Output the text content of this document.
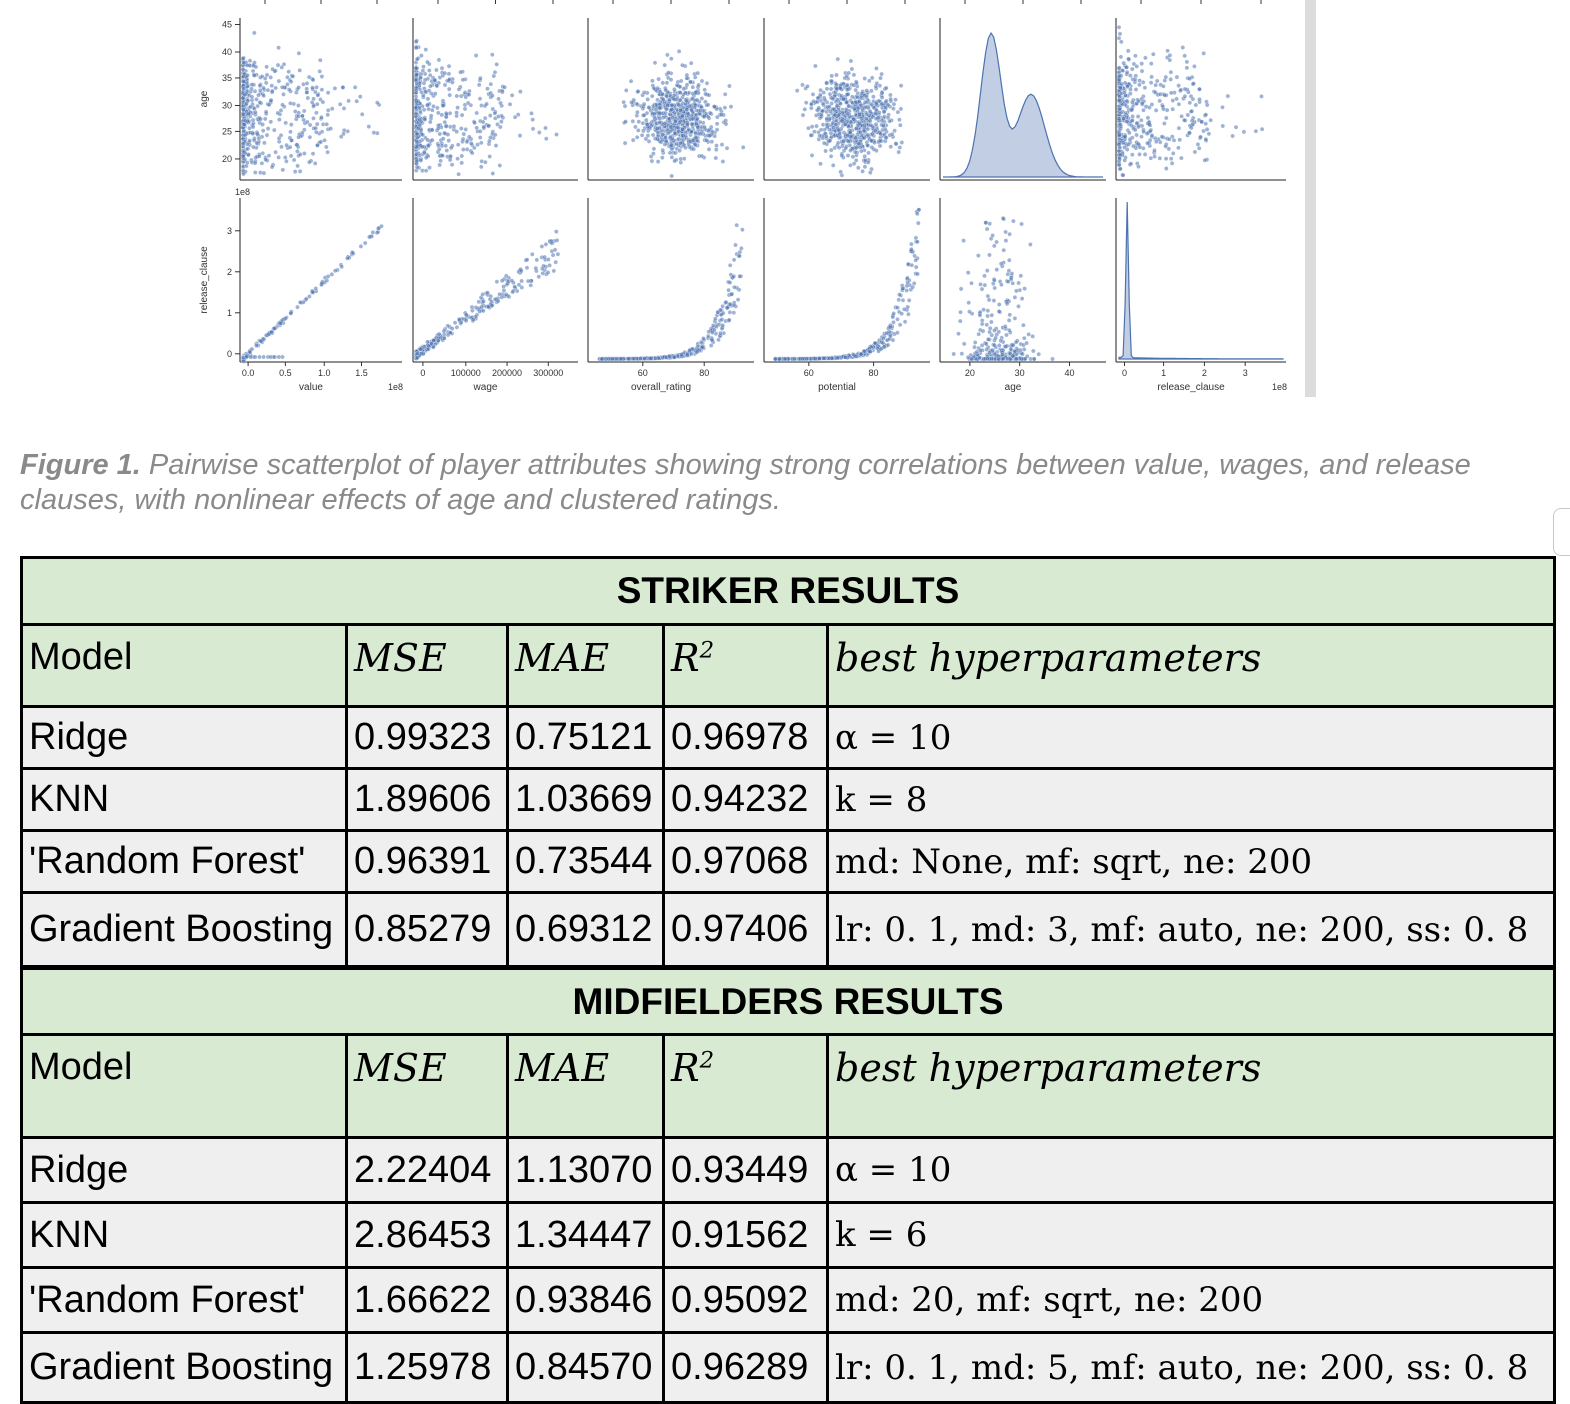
age
release_clause
20
25
30
35
40
45
0
1
2
3
1e8
0.0	0.5	1.0	1.5
value	1e8
0	100000 200000 300000
wage
60	80
overall_rating
60	80
potential
20	30	40
age
0	1	2	3
release_clause	1e8
Figure 1. Pairwise scatterplot of player attributes showing strong correlations between value, wages, and release clauses, with nonlinear effects of age and clustered ratings.
STRIKER RESULTS				
Model	MSE	MAE	$R^2$	best hyperparameters
Ridge	0.99323	0.75121	0.96978	α = 10
KNN	1.89606	1.03669	0.94232	k = 8
'Random Forest'	0.96391	0.73544	0.97068	md: None, mf: sqrt, ne: 200
Gradient Boosting	0.85279	0.69312	0.97406	lr: 0. 1, md: 3, mf: auto, ne: 200, ss: 0. 8
MIDFIELDERS RESULTS				
Model	MSE	MAE	$R^2$	best hyperparameters
Ridge	2.22404	1.13070	0.93449	α = 10
KNN	2.86453	1.34447	0.91562	k = 6
'Random Forest'	1.66622	0.93846	0.95092	md: 20, mf: sqrt, ne: 200
Gradient Boosting	1.25978	0.84570	0.96289	lr: 0. 1, md: 5, mf: auto, ne: 200, ss: 0. 8
